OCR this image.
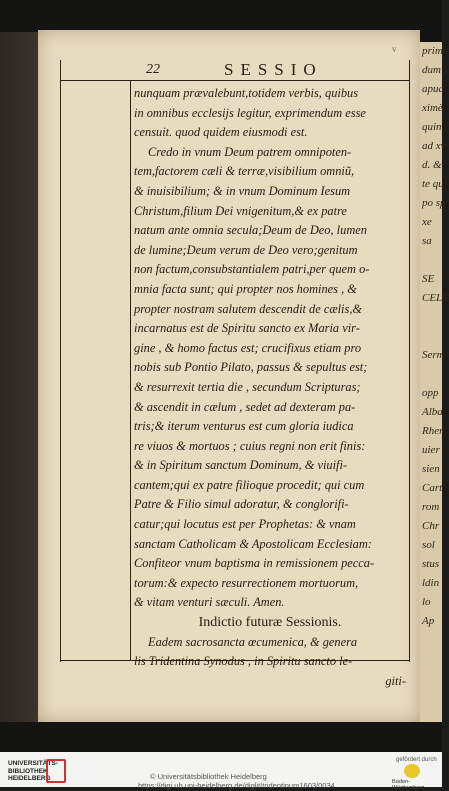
prima
dum
apud
ximè
quin
ad xv
d. &c
te qu
po sp
xe
sa

SE
CELE

Serm

opp
Alba
Rhen
uier
sien
Cart
rom
Chr
sol
stus
ldin
lo
Ap
22	SESSIO
v
nunquam prævalebunt,totidem verbis, quibus
in omnibus ecclesijs legitur, exprimendum esse
censuit. quod quidem eiusmodi est.
Credo in vnum Deum patrem omnipoten-
tem,factorem cæli & terræ,visibilium omniũ,
& inuisibilium; & in vnum Dominum Iesum
Christum,filium Dei vnigenitum,& ex patre
natum ante omnia secula;Deum de Deo, lumen
de lumine;Deum verum de Deo vero;genitum
non factum,consubstantialem patri,per quem o-
mnia facta sunt; qui propter nos homines , &
propter nostram salutem descendit de cælis,&
incarnatus est de Spiritu sancto ex Maria vir-
gine , & homo factus est; crucifixus etiam pro
nobis sub Pontio Pilato, passus & sepultus est;
& resurrexit tertia die , secundum Scripturas;
& ascendit in cælum , sedet ad dexteram pa-
tris;& iterum venturus est cum gloria iudica
re viuos & mortuos ; cuius regni non erit finis:
& in Spiritum sanctum Dominum, & viuifi-
cantem;qui ex patre filioque procedit; qui cum
Patre & Filio simul adoratur, & conglorifi-
catur;qui locutus est per Prophetas: & vnam
sanctam Catholicam & Apostolicam Ecclesiam:
Confiteor vnum baptisma in remissionem pecca-
torum:& expecto resurrectionem mortuorum,
& vitam venturi sæculi. Amen.
Indictio futuræ Sessionis.
Eadem sacrosancta œcumenica, & genera
lis Tridentina Synodus , in Spiritu sancto le-
giti-
UNIVERSITÄTS-
BIBLIOTHEK
HEIDELBERG	© Universitätsbibliothek Heidelberg
https://digi.ub.uni-heidelberg.de/diglit/tridentinum1603/0034
gefördert durch
Baden-Württemberg
